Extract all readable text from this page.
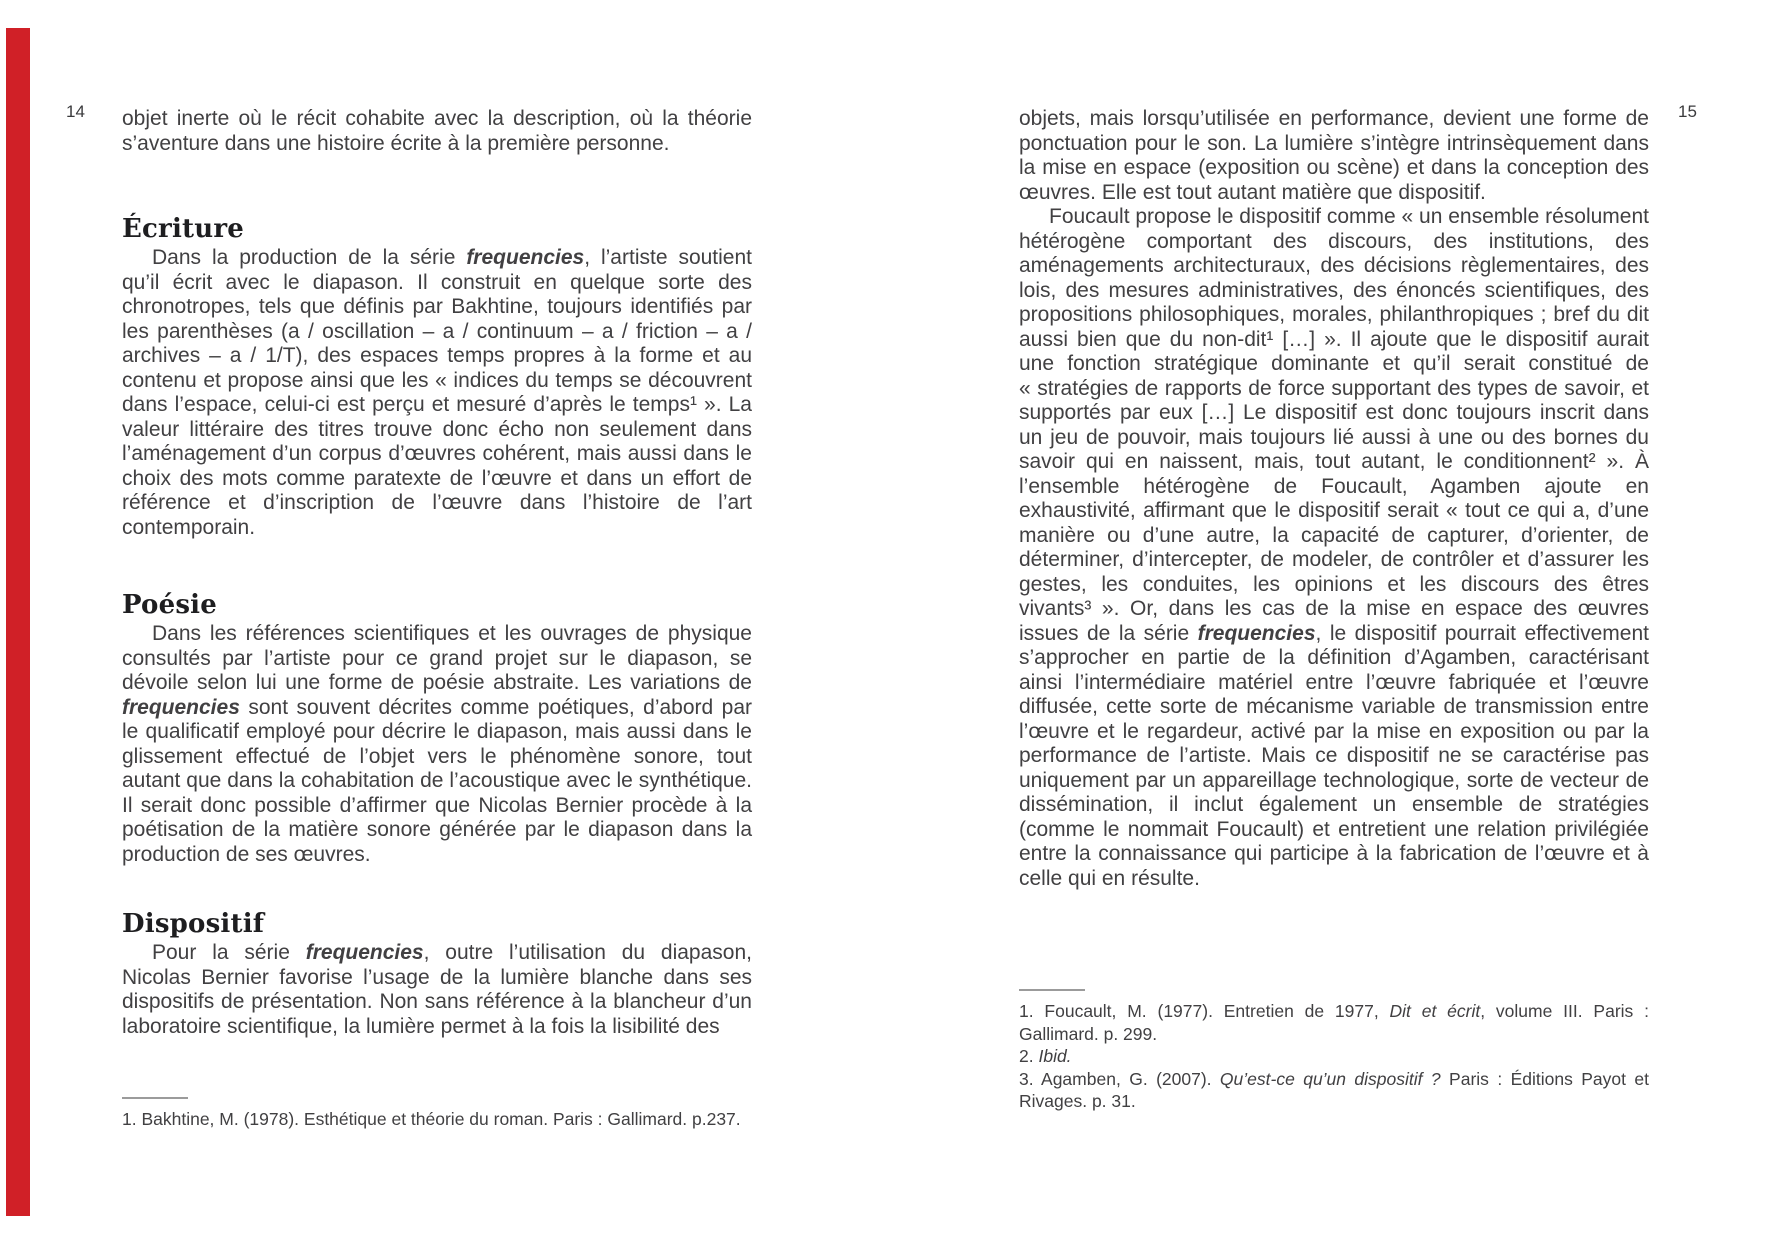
14	15

objet inerte où le récit cohabite avec la description, où la théorie s’aventure dans une histoire écrite à la première personne.

Écriture

Dans la production de la série frequencies, l’artiste soutient qu’il écrit avec le diapason. Il construit en quelque sorte des chronotropes, tels que définis par Bakhtine, toujours identifiés par les parenthèses (a / oscillation – a / continuum – a / friction – a / archives – a / 1/T), des espaces temps propres à la forme et au contenu et propose ainsi que les « indices du temps se découvrent dans l’espace, celui-ci est perçu et mesuré d’après le temps¹ ». La valeur littéraire des titres trouve donc écho non seulement dans l’aménagement d’un corpus d’œuvres cohérent, mais aussi dans le choix des mots comme paratexte de l’œuvre et dans un effort de référence et d’inscription de l’œuvre dans l’histoire de l’art contemporain.

Poésie

Dans les références scientifiques et les ouvrages de physique consultés par l’artiste pour ce grand projet sur le diapason, se dévoile selon lui une forme de poésie abstraite. Les variations de frequencies sont souvent décrites comme poétiques, d’abord par le qualificatif employé pour décrire le diapason, mais aussi dans le glissement effectué de l’objet vers le phénomène sonore, tout autant que dans la cohabitation de l’acoustique avec le synthétique. Il serait donc possible d’affirmer que Nicolas Bernier procède à la poétisation de la matière sonore générée par le diapason dans la production de ses œuvres.

Dispositif

Pour la série frequencies, outre l’utilisation du diapason, Nicolas Bernier favorise l’usage de la lumière blanche dans ses dispositifs de présentation. Non sans référence à la blancheur d’un laboratoire scientifique, la lumière permet à la fois la lisibilité des

1. Bakhtine, M. (1978). Esthétique et théorie du roman. Paris : Gallimard. p.237.

objets, mais lorsqu’utilisée en performance, devient une forme de ponctuation pour le son. La lumière s’intègre intrinsèquement dans la mise en espace (exposition ou scène) et dans la conception des œuvres. Elle est tout autant matière que dispositif.

Foucault propose le dispositif comme « un ensemble résolument hétérogène comportant des discours, des institutions, des aménagements architecturaux, des décisions règlementaires, des lois, des mesures administratives, des énoncés scientifiques, des propositions philosophiques, morales, philanthropiques ; bref du dit aussi bien que du non-dit¹ […] ». Il ajoute que le dispositif aurait une fonction stratégique dominante et qu’il serait constitué de « stratégies de rapports de force supportant des types de savoir, et supportés par eux […] Le dispositif est donc toujours inscrit dans un jeu de pouvoir, mais toujours lié aussi à une ou des bornes du savoir qui en naissent, mais, tout autant, le conditionnent² ». À l’ensemble hétérogène de Foucault, Agamben ajoute en exhaustivité, affirmant que le dispositif serait « tout ce qui a, d’une manière ou d’une autre, la capacité de capturer, d’orienter, de déterminer, d’intercepter, de modeler, de contrôler et d’assurer les gestes, les conduites, les opinions et les discours des êtres vivants³ ». Or, dans les cas de la mise en espace des œuvres issues de la série frequencies, le dispositif pourrait effectivement s’approcher en partie de la définition d’Agamben, caractérisant ainsi l’intermédiaire matériel entre l’œuvre fabriquée et l’œuvre diffusée, cette sorte de mécanisme variable de transmission entre l’œuvre et le regardeur, activé par la mise en exposition ou par la performance de l’artiste. Mais ce dispositif ne se caractérise pas uniquement par un appareillage technologique, sorte de vecteur de dissémination, il inclut également un ensemble de stratégies (comme le nommait Foucault) et entretient une relation privilégiée entre la connaissance qui participe à la fabrication de l’œuvre et à celle qui en résulte.

1. Foucault, M. (1977). Entretien de 1977, Dit et écrit, volume III. Paris : Gallimard. p. 299.

2. Ibid.

3. Agamben, G. (2007). Qu’est-ce qu’un dispositif ? Paris : Éditions Payot et Rivages. p. 31.
